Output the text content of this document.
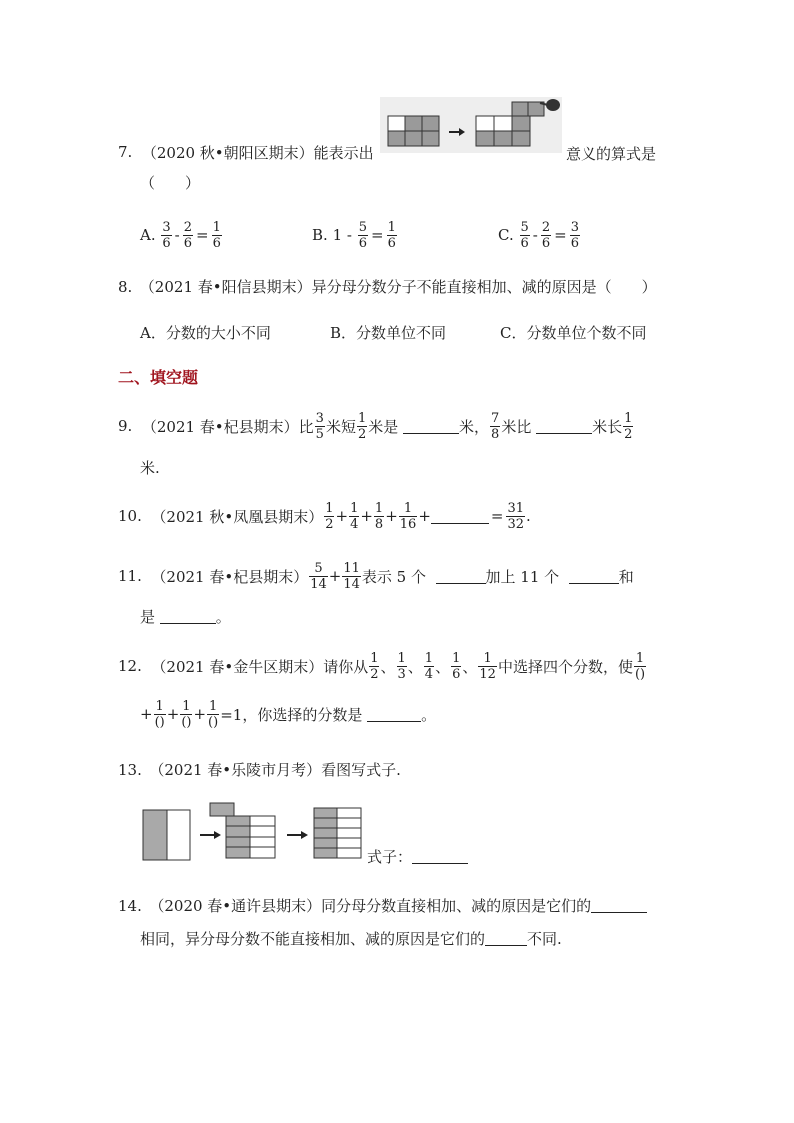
7.
（2020 秋•朝阳区期末）能表示出	意义的算式是
（　　）
A.
3
$6 - \frac{2}{6} = \frac{1}{6}$	B.
1 -
$\frac{5}{6} = \frac{1}{6}$	C.
5
$6 - \frac{2}{6} = \frac{3}{6}$
8.　（2021 春•阳信县期末）异分母分数分子不能直接相加、减的原因是（　　）
A．分数的大小不同	B．分数单位不同	C．分数单位个数不同
二、填空题
9.
（2021 春•杞县期末）比 3
5 米短 1
2 米是
	米， 7
8 米比
	米长 1
2
米.
10.
（2021 秋•凤凰县期末） 1
$2 + \frac{1}{4} + \frac{1}{8} + \frac{1}{16}$ +	= $\frac{31}{32}$ .
11.
（2021 春•杞县期末） 5
$14 + \frac{11}{14}$ 表示 5 个
	加上 11 个
	和
是
	。
12.
（2021 春•金牛区期末）请你从 1
2 、 1
3 、 1
4 、 1
6 、 1
12 中选择四个分数，使 1
()
+ 1
() + 1
() + 1
() =1，你选择的分数是
	。
13.　（2021 春•乐陵市月考）看图写式子.
式子：
14.　（2020 春•通许县期末）同分母分数直接相加、减的原因是它们的
相同，异分母分数不能直接相加、减的原因是它们的	不同.
